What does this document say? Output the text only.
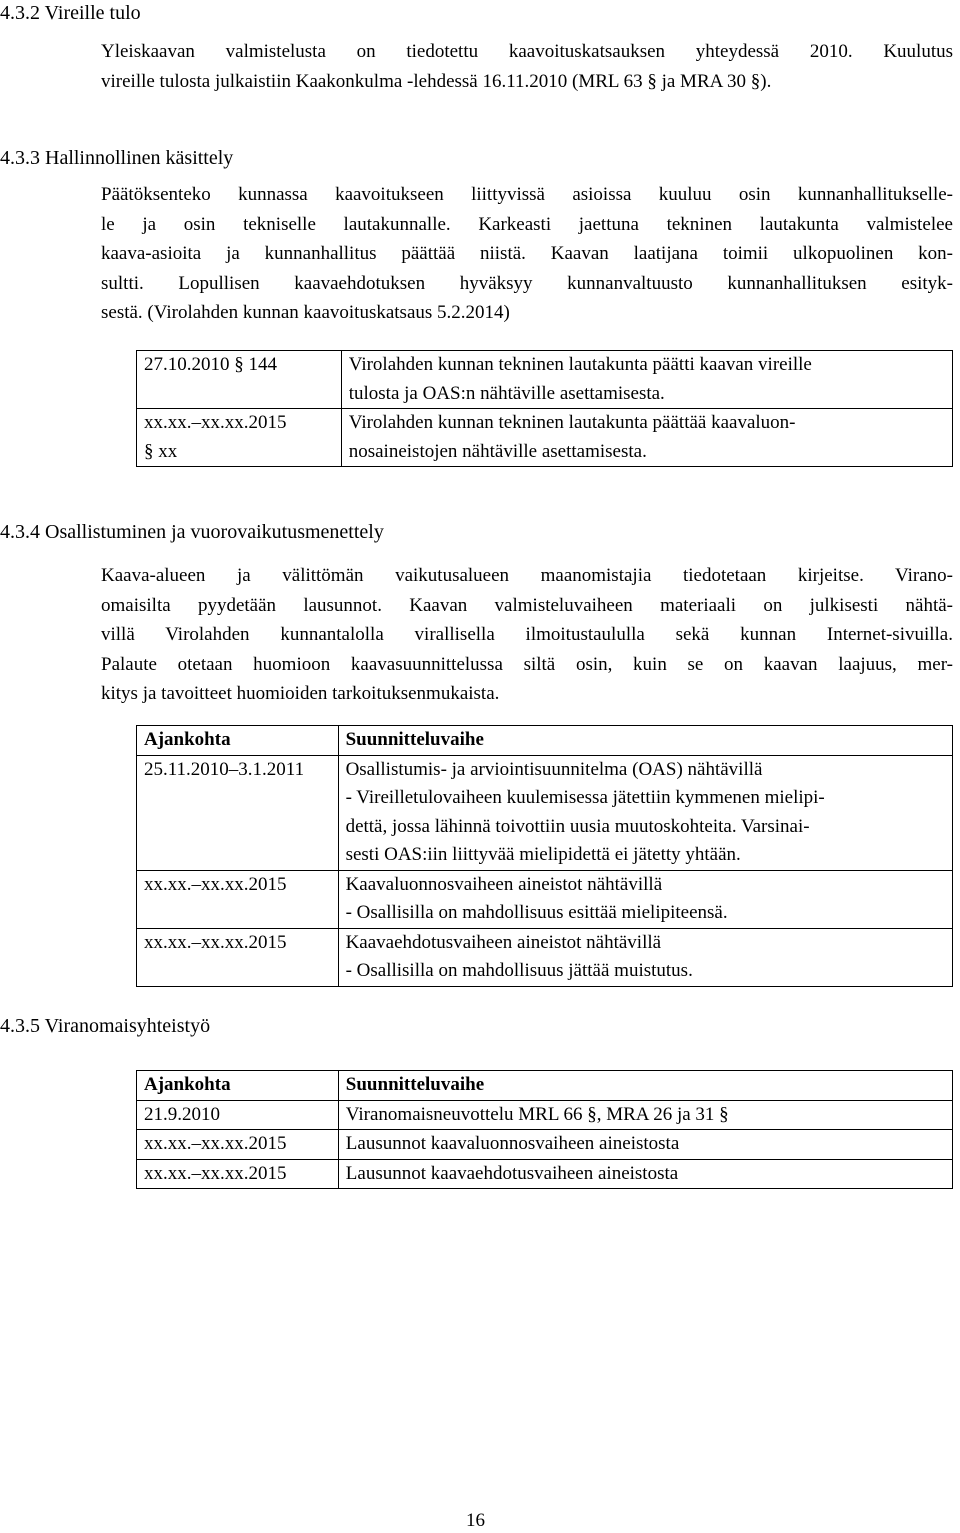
4.3.2 Vireille tulo
Yleiskaavan valmistelusta on tiedotettu kaavoituskatsauksen yhteydessä 2010. Kuulutus
vireille tulosta julkaistiin Kaakonkulma -lehdessä 16.11.2010 (MRL 63 § ja MRA 30 §).
4.3.3 Hallinnollinen käsittely
Päätöksenteko kunnassa kaavoitukseen liittyvissä asioissa kuuluu osin kunnanhallitukselle-
le ja osin tekniselle lautakunnalle. Karkeasti jaettuna tekninen lautakunta valmistelee
kaava-asioita ja kunnanhallitus päättää niistä. Kaavan laatijana toimii ulkopuolinen kon-
sultti. Lopullisen kaavaehdotuksen hyväksyy kunnanvaltuusto kunnanhallituksen esityk-
sestä. (Virolahden kunnan kaavoituskatsaus 5.2.2014)
27.10.2010 § 144	Virolahden kunnan tekninen lautakunta päätti kaavan vireille
tulosta ja OAS:n nähtäville asettamisesta.

xx.xx.–xx.xx.2015
§ xx	Virolahden kunnan tekninen lautakunta päättää kaavaluon-
nosaineistojen nähtäville asettamisesta.
4.3.4 Osallistuminen ja vuorovaikutusmenettely
Kaava-alueen ja välittömän vaikutusalueen maanomistajia tiedotetaan kirjeitse. Virano-
omaisilta pyydetään lausunnot. Kaavan valmisteluvaiheen materiaali on julkisesti nähtä-
villä Virolahden kunnantalolla virallisella ilmoitustaululla sekä kunnan Internet-sivuilla.
Palaute otetaan huomioon kaavasuunnittelussa siltä osin, kuin se on kaavan laajuus, mer-
kitys ja tavoitteet huomioiden tarkoituksenmukaista.
Ajankohta	Suunnitteluvaihe
25.11.2010–3.1.2011	Osallistumis- ja arviointisuunnitelma (OAS) nähtävillä
- Vireilletulovaiheen kuulemisessa jätettiin kymmenen mielipi-
dettä, jossa lähinnä toivottiin uusia muutoskohteita. Varsinai-
sesti OAS:iin liittyvää mielipidettä ei jätetty yhtään.

xx.xx.–xx.xx.2015	Kaavaluonnosvaiheen aineistot nähtävillä
- Osallisilla on mahdollisuus esittää mielipiteensä.

xx.xx.–xx.xx.2015	Kaavaehdotusvaiheen aineistot nähtävillä
- Osallisilla on mahdollisuus jättää muistutus.
4.3.5 Viranomaisyhteistyö
Ajankohta	Suunnitteluvaihe
21.9.2010	Viranomaisneuvottelu MRL 66 §, MRA 26 ja 31 §
xx.xx.–xx.xx.2015	Lausunnot kaavaluonnosvaiheen aineistosta
xx.xx.–xx.xx.2015	Lausunnot kaavaehdotusvaiheen aineistosta
16
